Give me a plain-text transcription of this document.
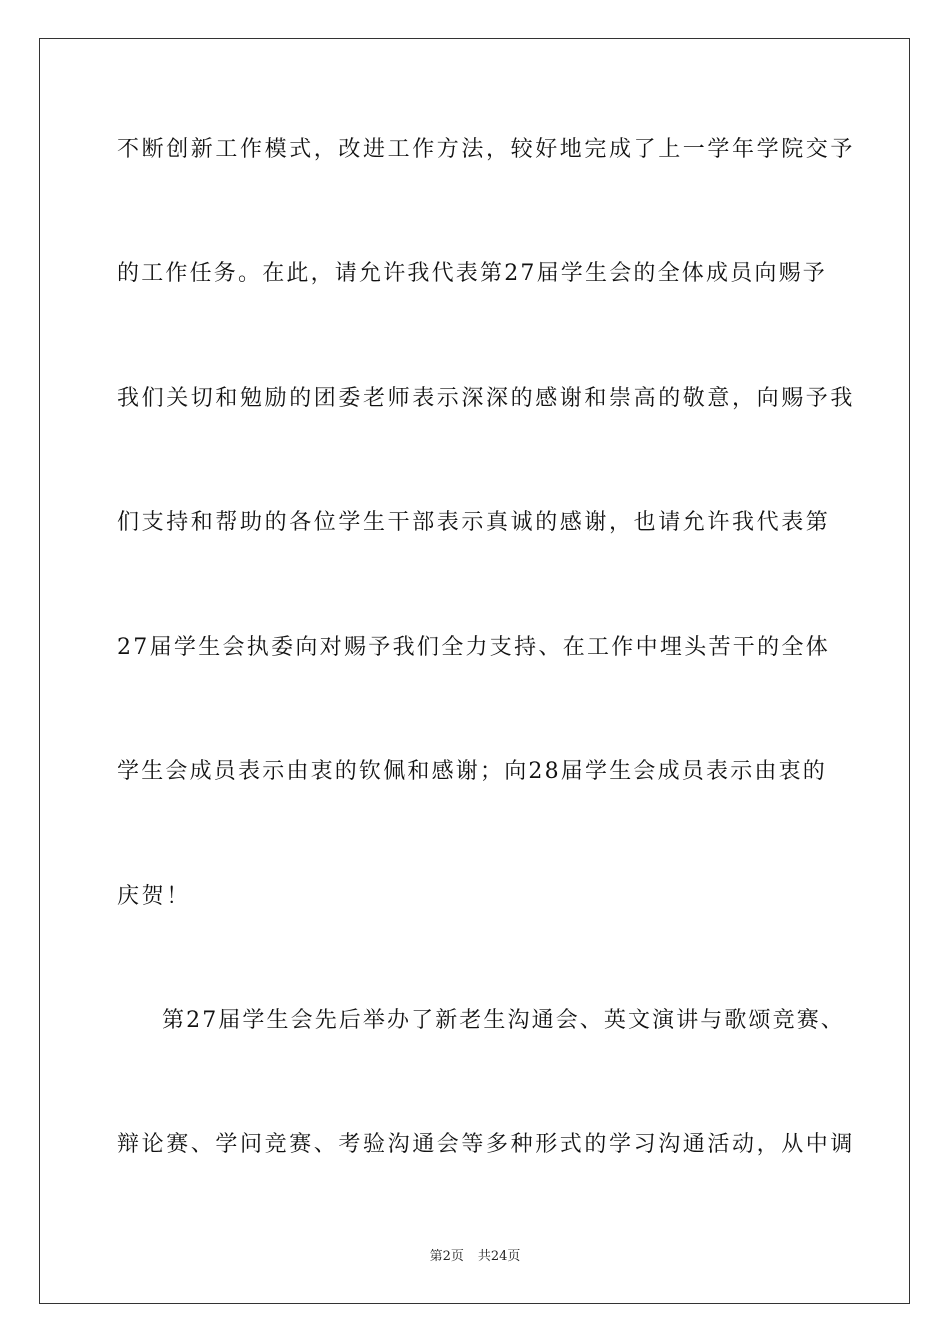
不断创新工作模式，改进工作方法，较好地完成了上一学年学院交予
的工作任务。在此，请允许我代表第27届学生会的全体成员向赐予
我们关切和勉励的团委老师表示深深的感谢和崇高的敬意，向赐予我
们支持和帮助的各位学生干部表示真诚的感谢，也请允许我代表第
27届学生会执委向对赐予我们全力支持、在工作中埋头苦干的全体
学生会成员表示由衷的钦佩和感谢；向28届学生会成员表示由衷的
庆贺！
第27届学生会先后举办了新老生沟通会、英文演讲与歌颂竞赛、
辩论赛、学问竞赛、考验沟通会等多种形式的学习沟通活动，从中调
第2页 共24页
